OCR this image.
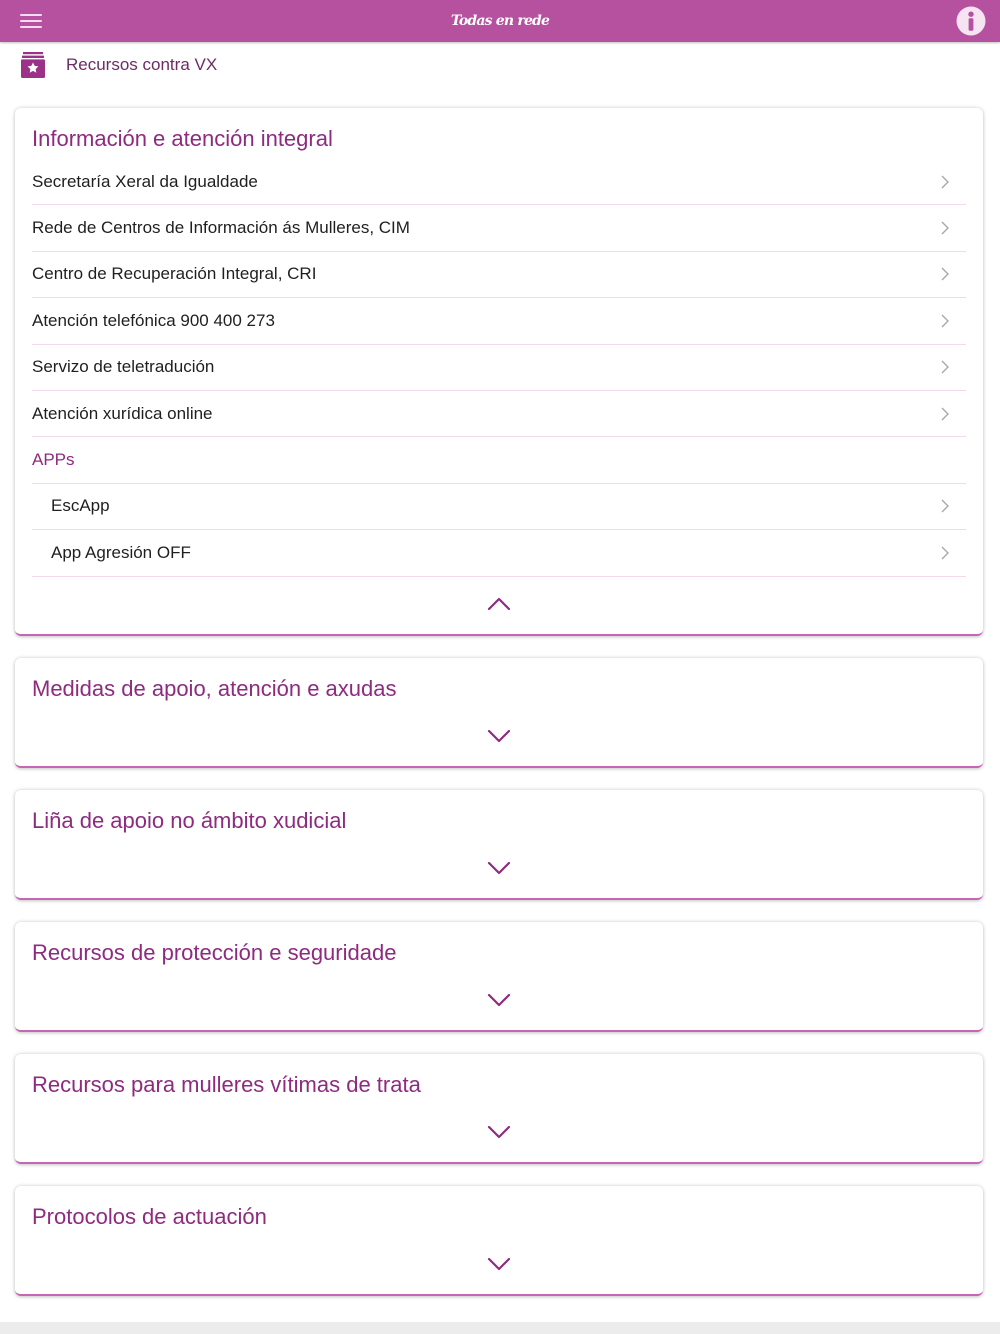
Todas en rede
Recursos contra VX
Información e atención integral
Secretaría Xeral da Igualdade
Rede de Centros de Información ás Mulleres, CIM
Centro de Recuperación Integral, CRI
Atención telefónica 900 400 273
Servizo de teletradución
Atención xurídica online
APPs
EscApp
App Agresión OFF
Medidas de apoio, atención e axudas
Liña de apoio no ámbito xudicial
Recursos de protección e seguridade
Recursos para mulleres vítimas de trata
Protocolos de actuación
